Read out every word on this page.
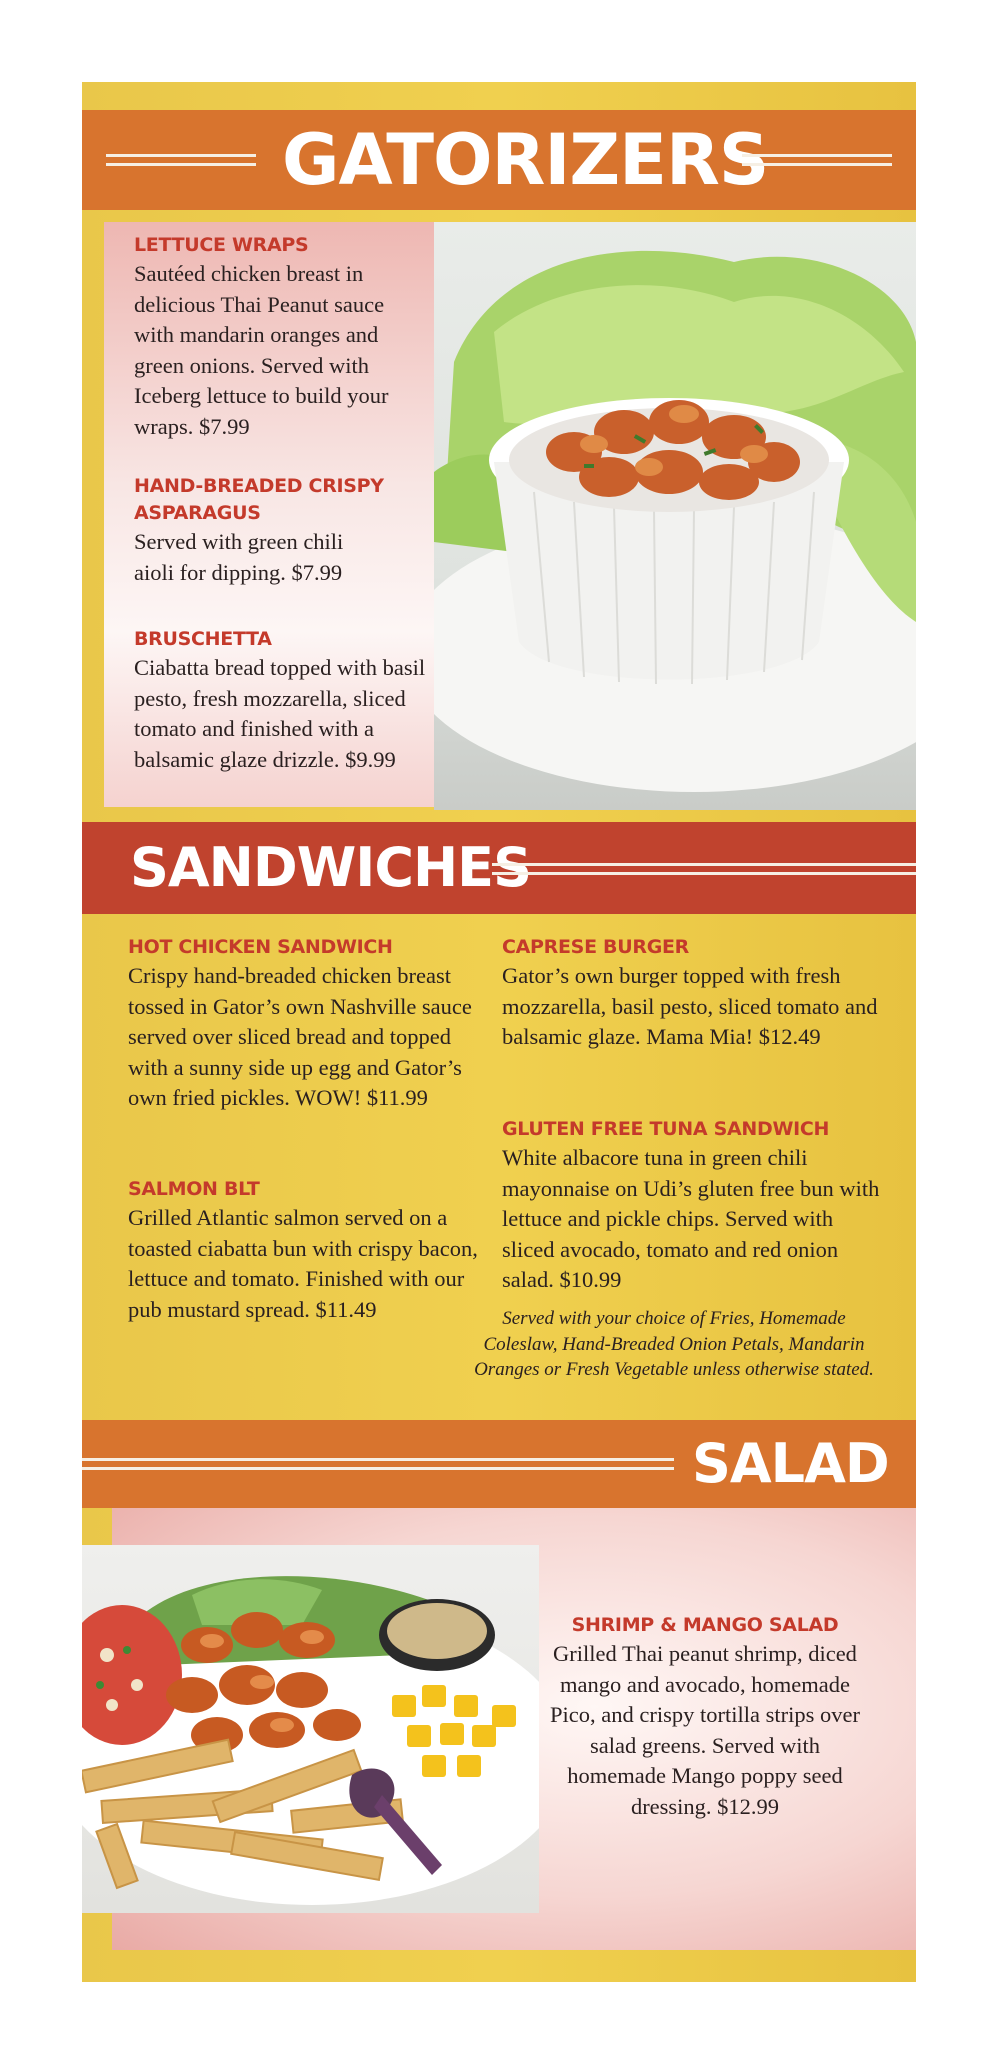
GATORIZERS

LETTUCE WRAPS

Sautéed chicken breast in delicious Thai Peanut sauce with mandarin oranges and green onions. Served with Iceberg lettuce to build your wraps. $7.99

HAND-BREADED CRISPY ASPARAGUS

Served with green chili aioli for dipping. $7.99

BRUSCHETTA

Ciabatta bread topped with basil pesto, fresh mozzarella, sliced tomato and finished with a balsamic glaze drizzle. $9.99

SANDWICHES

HOT CHICKEN SANDWICH

Crispy hand-breaded chicken breast tossed in Gator’s own Nashville sauce served over sliced bread and topped with a sunny side up egg and Gator’s own fried pickles. WOW! $11.99

SALMON BLT

Grilled Atlantic salmon served on a toasted ciabatta bun with crispy bacon, lettuce and tomato. Finished with our pub mustard spread. $11.49

CAPRESE BURGER

Gator’s own burger topped with fresh mozzarella, basil pesto, sliced tomato and balsamic glaze. Mama Mia! $12.49

GLUTEN FREE TUNA SANDWICH

White albacore tuna in green chili mayonnaise on Udi’s gluten free bun with lettuce and pickle chips. Served with sliced avocado, tomato and red onion salad. $10.99

Served with your choice of Fries, Homemade Coleslaw, Hand-Breaded Onion Petals, Mandarin Oranges or Fresh Vegetable unless otherwise stated.
SALAD

SHRIMP & MANGO SALAD

Grilled Thai peanut shrimp, diced mango and avocado, homemade Pico, and crispy tortilla strips over salad greens. Served with homemade Mango poppy seed dressing. $12.99
